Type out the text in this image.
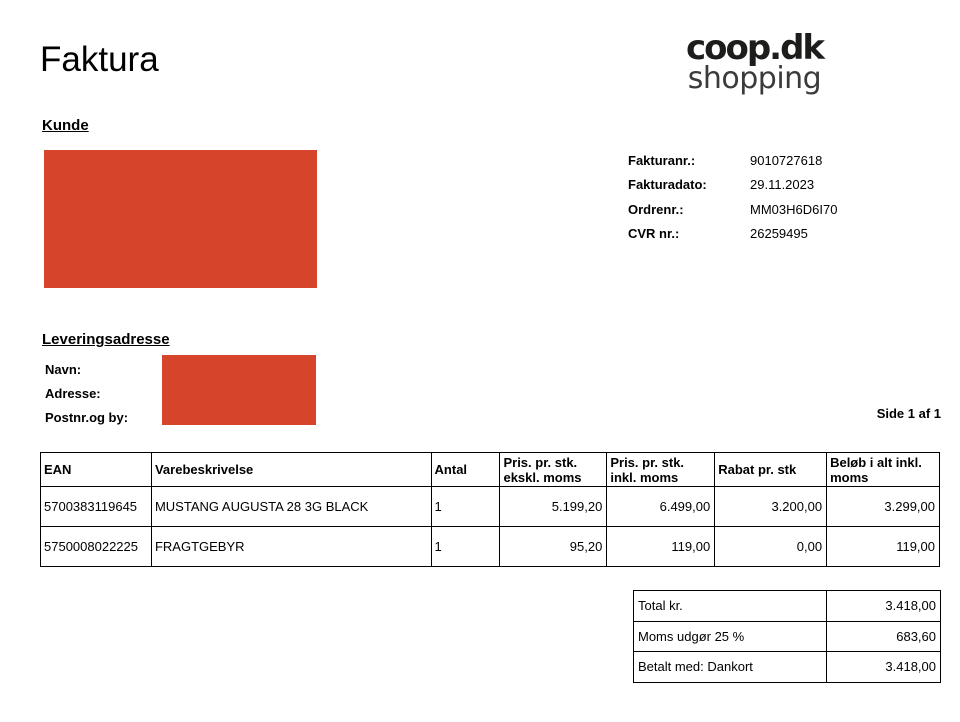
Faktura	coop.dk
shopping
Kunde
Fakturanr.:	9010727618
Fakturadato:	29.11.2023
Ordrenr.:	MM03H6D6I70
CVR nr.:	26259495
Leveringsadresse
Navn:
Adresse:
Postnr.og by:	Side 1 af 1
EAN	Varebeskrivelse	Antal	Pris. pr. stk. ekskl. moms	Pris. pr. stk. inkl. moms	Rabat pr. stk	Beløb i alt inkl. moms
5700383119645	MUSTANG AUGUSTA 28 3G BLACK	1	5.199,20	6.499,00	3.200,00	3.299,00
5750008022225	FRAGTGEBYR	1	95,20	119,00	0,00	119,00
Total kr.	3.418,00
Moms udgør 25 %	683,60
Betalt med: Dankort	3.418,00
